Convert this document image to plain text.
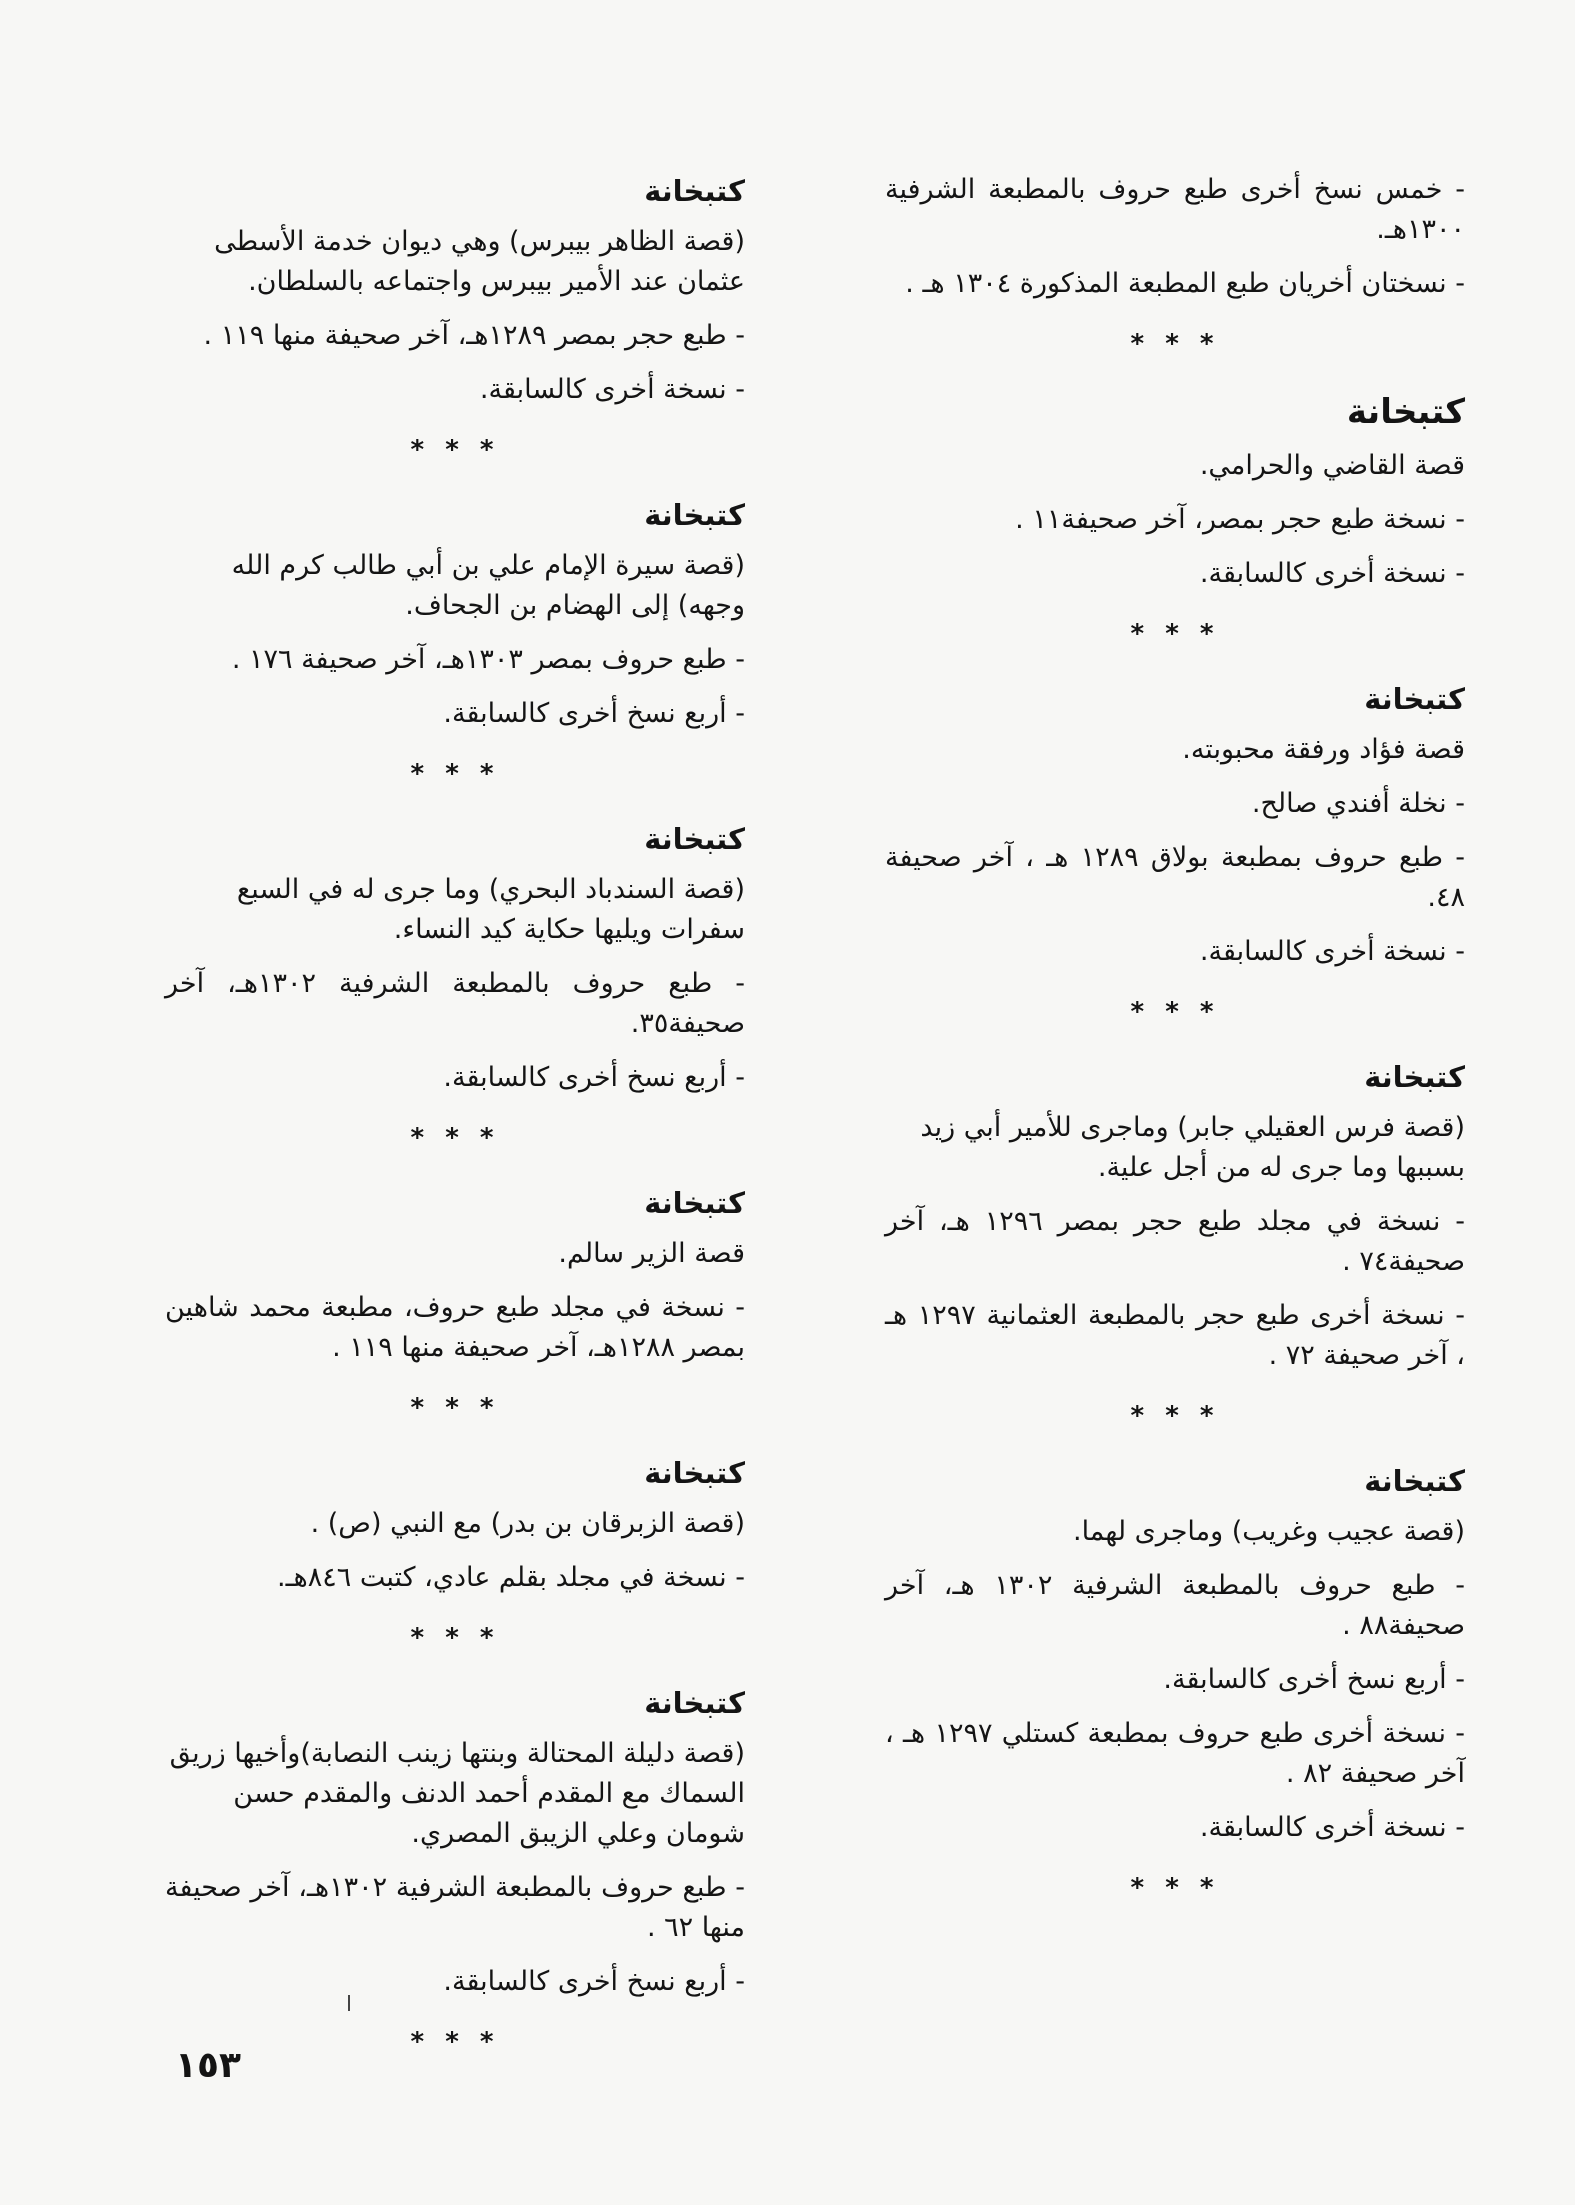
- خمس نسخ أخرى طبع حروف بالمطبعة الشرفية ١٣٠٠هـ.
- نسختان أخريان طبع المطبعة المذكورة ١٣٠٤ هـ .
* * *
كتبخانة
قصة القاضي والحرامي.
- نسخة طبع حجر بمصر، آخر صحيفة١١ .
- نسخة أخرى كالسابقة.
* * *
كتبخانة
قصة فؤاد ورفقة محبوبته.
- نخلة أفندي صالح.
- طبع حروف بمطبعة بولاق ١٢٨٩ هـ ، آخر صحيفة ٤٨.
- نسخة أخرى كالسابقة.
* * *
كتبخانة
(قصة فرس العقيلي جابر) وماجرى للأمير أبي زيد بسببها وما جرى له من أجل علية.
- نسخة في مجلد طبع حجر بمصر ١٢٩٦ هـ، آخر صحيفة٧٤ .
- نسخة أخرى طبع حجر بالمطبعة العثمانية ١٢٩٧ هـ ، آخر صحيفة ٧٢ .
* * *
كتبخانة
(قصة عجيب وغريب) وماجرى لهما.
- طبع حروف بالمطبعة الشرفية ١٣٠٢ هـ، آخر صحيفة٨٨ .
- أربع نسخ أخرى كالسابقة.
- نسخة أخرى طبع حروف بمطبعة كستلي ١٢٩٧ هـ ، آخر صحيفة ٨٢ .
- نسخة أخرى كالسابقة.
* * *
كتبخانة
(قصة الظاهر بيبرس) وهي ديوان خدمة الأسطى عثمان عند الأمير بيبرس واجتماعه بالسلطان.
- طبع حجر بمصر ١٢٨٩هـ، آخر صحيفة منها ١١٩ .
- نسخة أخرى كالسابقة.
* * *
كتبخانة
(قصة سيرة الإمام علي بن أبي طالب كرم الله وجهه) إلى الهضام بن الجحاف.
- طبع حروف بمصر ١٣٠٣هـ، آخر صحيفة ١٧٦ .
- أربع نسخ أخرى كالسابقة.
* * *
كتبخانة
(قصة السندباد البحري) وما جرى له في السبع سفرات ويليها حكاية كيد النساء.
- طبع حروف بالمطبعة الشرفية ١٣٠٢هـ، آخر صحيفة٣٥.
- أربع نسخ أخرى كالسابقة.
* * *
كتبخانة
قصة الزير سالم.
- نسخة في مجلد طبع حروف، مطبعة محمد شاهين بمصر ١٢٨٨هـ، آخر صحيفة منها ١١٩ .
* * *
كتبخانة
(قصة الزبرقان بن بدر) مع النبي (ص) .
- نسخة في مجلد بقلم عادي، كتبت ٨٤٦هـ.
* * *
كتبخانة
(قصة دليلة المحتالة وبنتها زينب النصابة)وأخيها زريق السماك مع المقدم أحمد الدنف والمقدم حسن شومان وعلي الزيبق المصري.
- طبع حروف بالمطبعة الشرفية ١٣٠٢هـ، آخر صحيفة منها ٦٢ .
- أربع نسخ أخرى كالسابقة.
* * *
١٥٣
